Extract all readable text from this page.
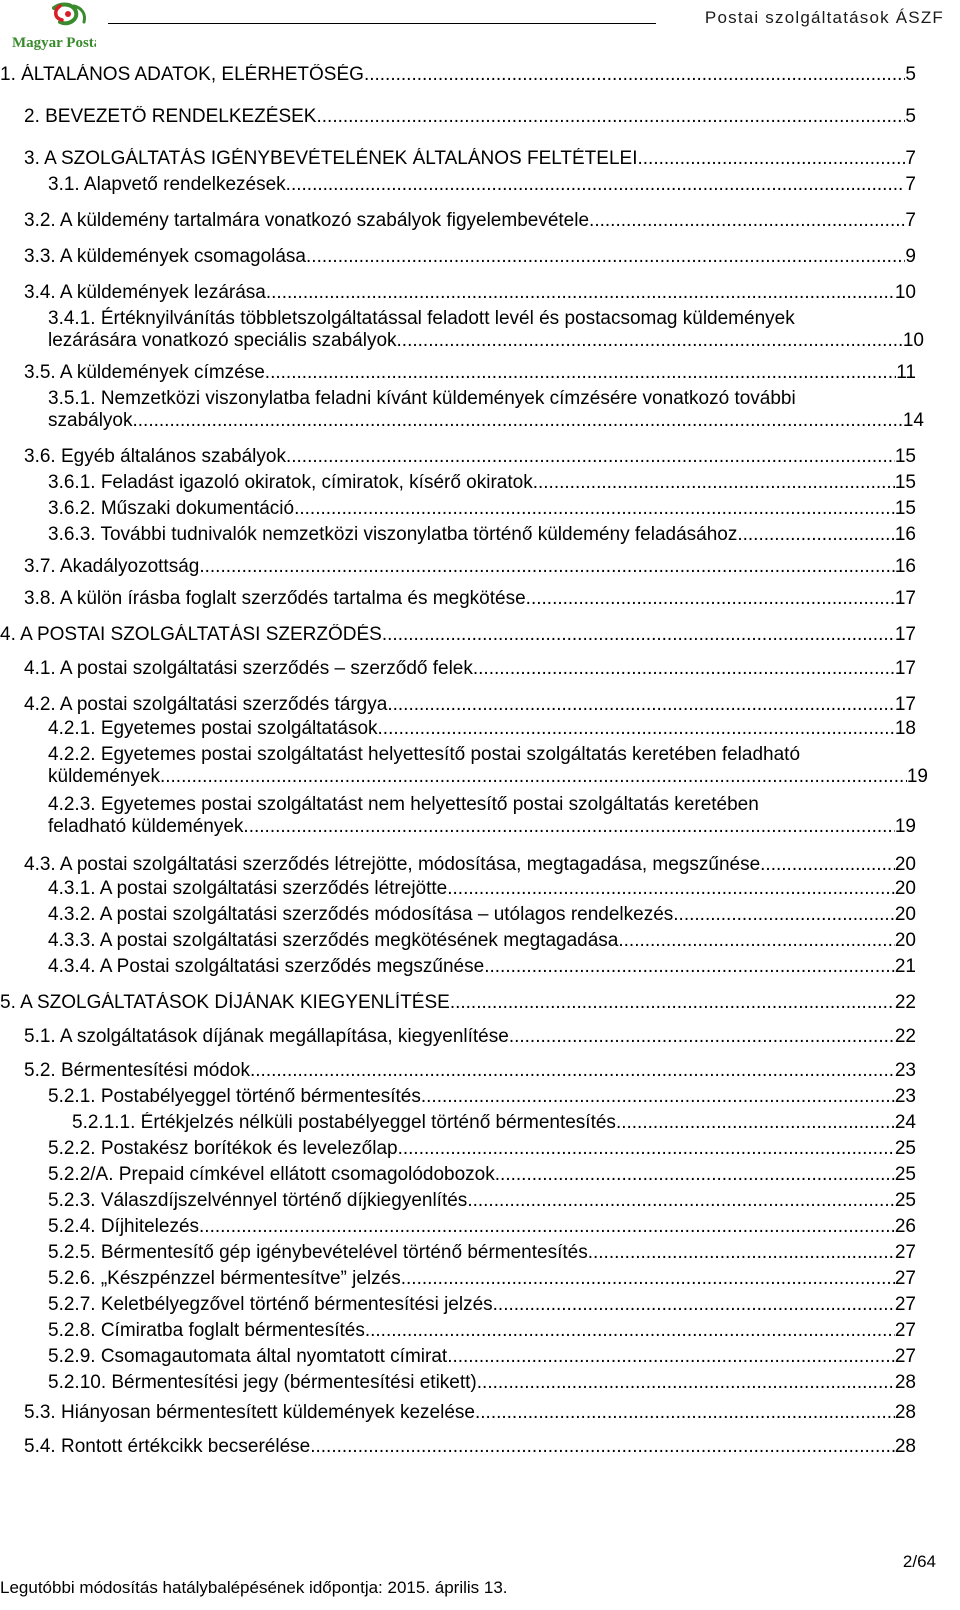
Magyar Posta
Postai szolgáltatások ÁSZF
1. ÁLTALÁNOS ADATOK, ELÉRHETŐSÉG .....	5
2. BEVEZETŐ RENDELKEZÉSEK .....	5
3. A SZOLGÁLTATÁS IGÉNYBEVÉTELÉNEK ÁLTALÁNOS FELTÉTELEI .....	7
3.1. Alapvető rendelkezések .....	7
3.2. A küldemény tartalmára vonatkozó szabályok figyelembevétele .....	7
3.3. A küldemények csomagolása .....	9
3.4. A küldemények lezárása .....	10
3.4.1. Értéknyilvánítás többletszolgáltatással feladott levél és postacsomag küldemények
lezárására vonatkozó speciális szabályok .....	10
3.5. A küldemények címzése .....	11
3.5.1. Nemzetközi viszonylatba feladni kívánt küldemények címzésére vonatkozó további
szabályok .....	14
3.6. Egyéb általános szabályok .....	15
3.6.1. Feladást igazoló okiratok, címiratok, kísérő okiratok .....	15
3.6.2. Műszaki dokumentáció .....	15
3.6.3. További tudnivalók nemzetközi viszonylatba történő küldemény feladásához .....	16
3.7. Akadályozottság .....	16
3.8. A külön írásba foglalt szerződés tartalma és megkötése .....	17
4. A POSTAI SZOLGÁLTATÁSI SZERZŐDÉS .....	17
4.1. A postai szolgáltatási szerződés – szerződő felek .....	17
4.2. A postai szolgáltatási szerződés tárgya .....	17
4.2.1. Egyetemes postai szolgáltatások .....	18
4.2.2. Egyetemes postai szolgáltatást helyettesítő postai szolgáltatás keretében feladható
küldemények .....	19
4.2.3. Egyetemes postai szolgáltatást nem helyettesítő postai szolgáltatás keretében
feladható küldemények .....	19
4.3. A postai szolgáltatási szerződés létrejötte, módosítása, megtagadása, megszűnése .....	20
4.3.1. A postai szolgáltatási szerződés létrejötte .....	20
4.3.2. A postai szolgáltatási szerződés módosítása – utólagos rendelkezés .....	20
4.3.3. A postai szolgáltatási szerződés megkötésének megtagadása .....	20
4.3.4. A Postai szolgáltatási szerződés megszűnése .....	21
5. A SZOLGÁLTATÁSOK DÍJÁNAK KIEGYENLÍTÉSE .....	22
5.1. A szolgáltatások díjának megállapítása, kiegyenlítése .....	22
5.2. Bérmentesítési módok .....	23
5.2.1. Postabélyeggel történő bérmentesítés .....	23
5.2.1.1. Értékjelzés nélküli postabélyeggel történő bérmentesítés .....	24
5.2.2. Postakész borítékok és levelezőlap .....	25
5.2.2/A. Prepaid címkével ellátott csomagolódobozok .....	25
5.2.3. Válaszdíjszelvénnyel történő díjkiegyenlítés .....	25
5.2.4. Díjhitelezés .....	26
5.2.5. Bérmentesítő gép igénybevételével történő bérmentesítés .....	27
5.2.6. „Készpénzzel bérmentesítve” jelzés .....	27
5.2.7. Keletbélyegzővel történő bérmentesítési jelzés .....	27
5.2.8. Címiratba foglalt bérmentesítés .....	27
5.2.9. Csomagautomata által nyomtatott címirat .....	27
5.2.10. Bérmentesítési jegy (bérmentesítési etikett) .....	28
5.3. Hiányosan bérmentesített küldemények kezelése .....	28
5.4. Rontott értékcikk becserélése .....	28
2/64
Legutóbbi módosítás hatálybalépésének időpontja: 2015. április 13.
